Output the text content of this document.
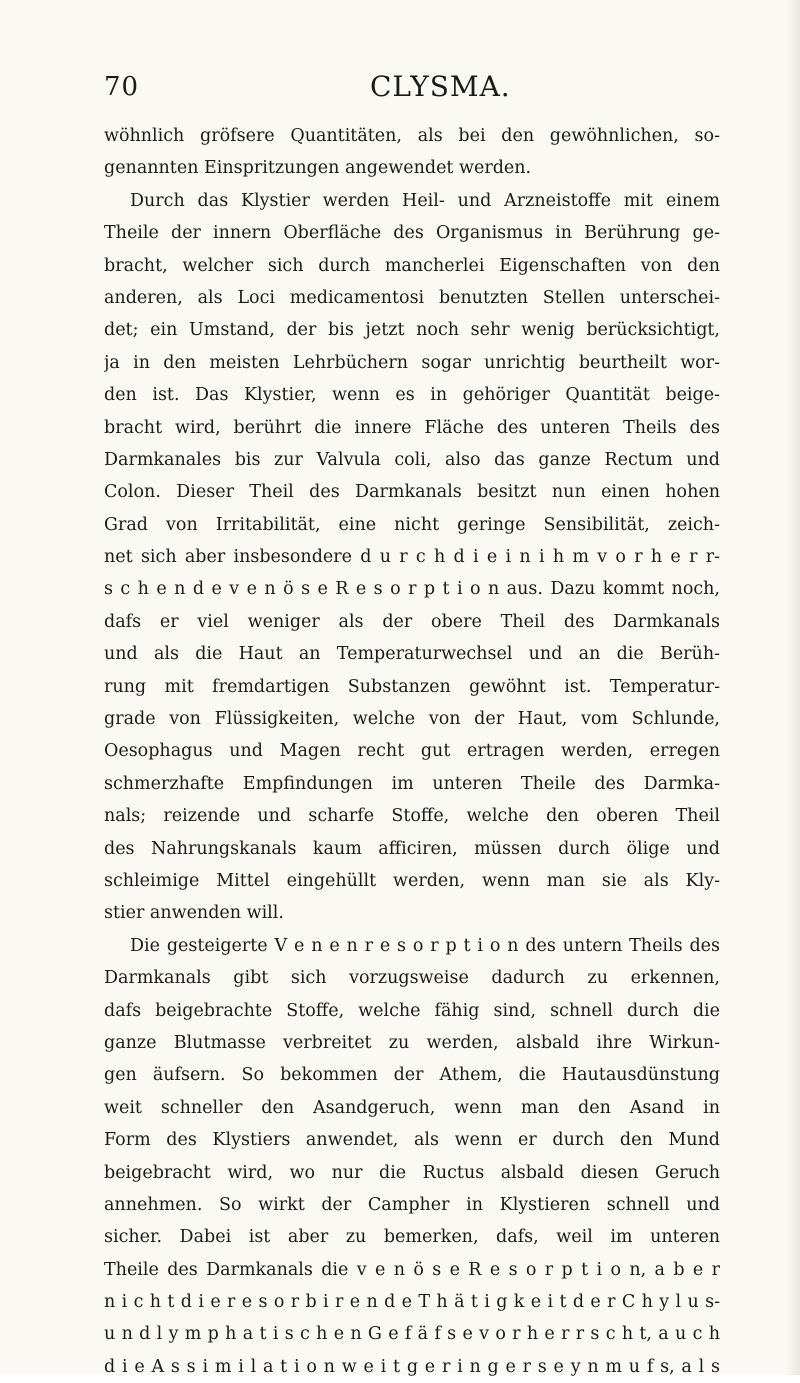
70	CLYSMA.
wöhnlich gröfsere Quantitäten, als bei den gewöhnlichen, so-
genannten Einspritzungen angewendet werden.
Durch das Klystier werden Heil- und Arzneistoffe mit einem
Theile der innern Oberfläche des Organismus in Berührung ge-
bracht, welcher sich durch mancherlei Eigenschaften von den
anderen, als Loci medicamentosi benutzten Stellen unterschei-
det; ein Umstand, der bis jetzt noch sehr wenig berücksichtigt,
ja in den meisten Lehrbüchern sogar unrichtig beurtheilt wor-
den ist. Das Klystier, wenn es in gehöriger Quantität beige-
bracht wird, berührt die innere Fläche des unteren Theils des
Darmkanales bis zur Valvula coli, also das ganze Rectum und
Colon. Dieser Theil des Darmkanals besitzt nun einen hohen
Grad von Irritabilität, eine nicht geringe Sensibilität, zeich-
net sich aber insbesondere d u r c h d i e i n i h m v o r h e r r-
s c h e n d e v e n ö s e R e s o r p t i o n aus. Dazu kommt noch,
dafs er viel weniger als der obere Theil des Darmkanals
und als die Haut an Temperaturwechsel und an die Berüh-
rung mit fremdartigen Substanzen gewöhnt ist. Temperatur-
grade von Flüssigkeiten, welche von der Haut, vom Schlunde,
Oesophagus und Magen recht gut ertragen werden, erregen
schmerzhafte Empfindungen im unteren Theile des Darmka-
nals; reizende und scharfe Stoffe, welche den oberen Theil
des Nahrungskanals kaum afficiren, müssen durch ölige und
schleimige Mittel eingehüllt werden, wenn man sie als Kly-
stier anwenden will.
Die gesteigerte V e n e n r e s o r p t i o n des untern Theils des
Darmkanals gibt sich vorzugsweise dadurch zu erkennen,
dafs beigebrachte Stoffe, welche fähig sind, schnell durch die
ganze Blutmasse verbreitet zu werden, alsbald ihre Wirkun-
gen äufsern. So bekommen der Athem, die Hautausdünstung
weit schneller den Asandgeruch, wenn man den Asand in
Form des Klystiers anwendet, als wenn er durch den Mund
beigebracht wird, wo nur die Ructus alsbald diesen Geruch
annehmen. So wirkt der Campher in Klystieren schnell und
sicher. Dabei ist aber zu bemerken, dafs, weil im unteren
Theile des Darmkanals die v e n ö s e R e s o r p t i o n, a b e r
n i c h t d i e r e s o r b i r e n d e T h ä t i g k e i t d e r C h y l u s-
u n d l y m p h a t i s c h e n G e f ä f s e v o r h e r r s c h t, a u c h
d i e A s s i m i l a t i o n w e i t g e r i n g e r s e y n m u f s, a l s
